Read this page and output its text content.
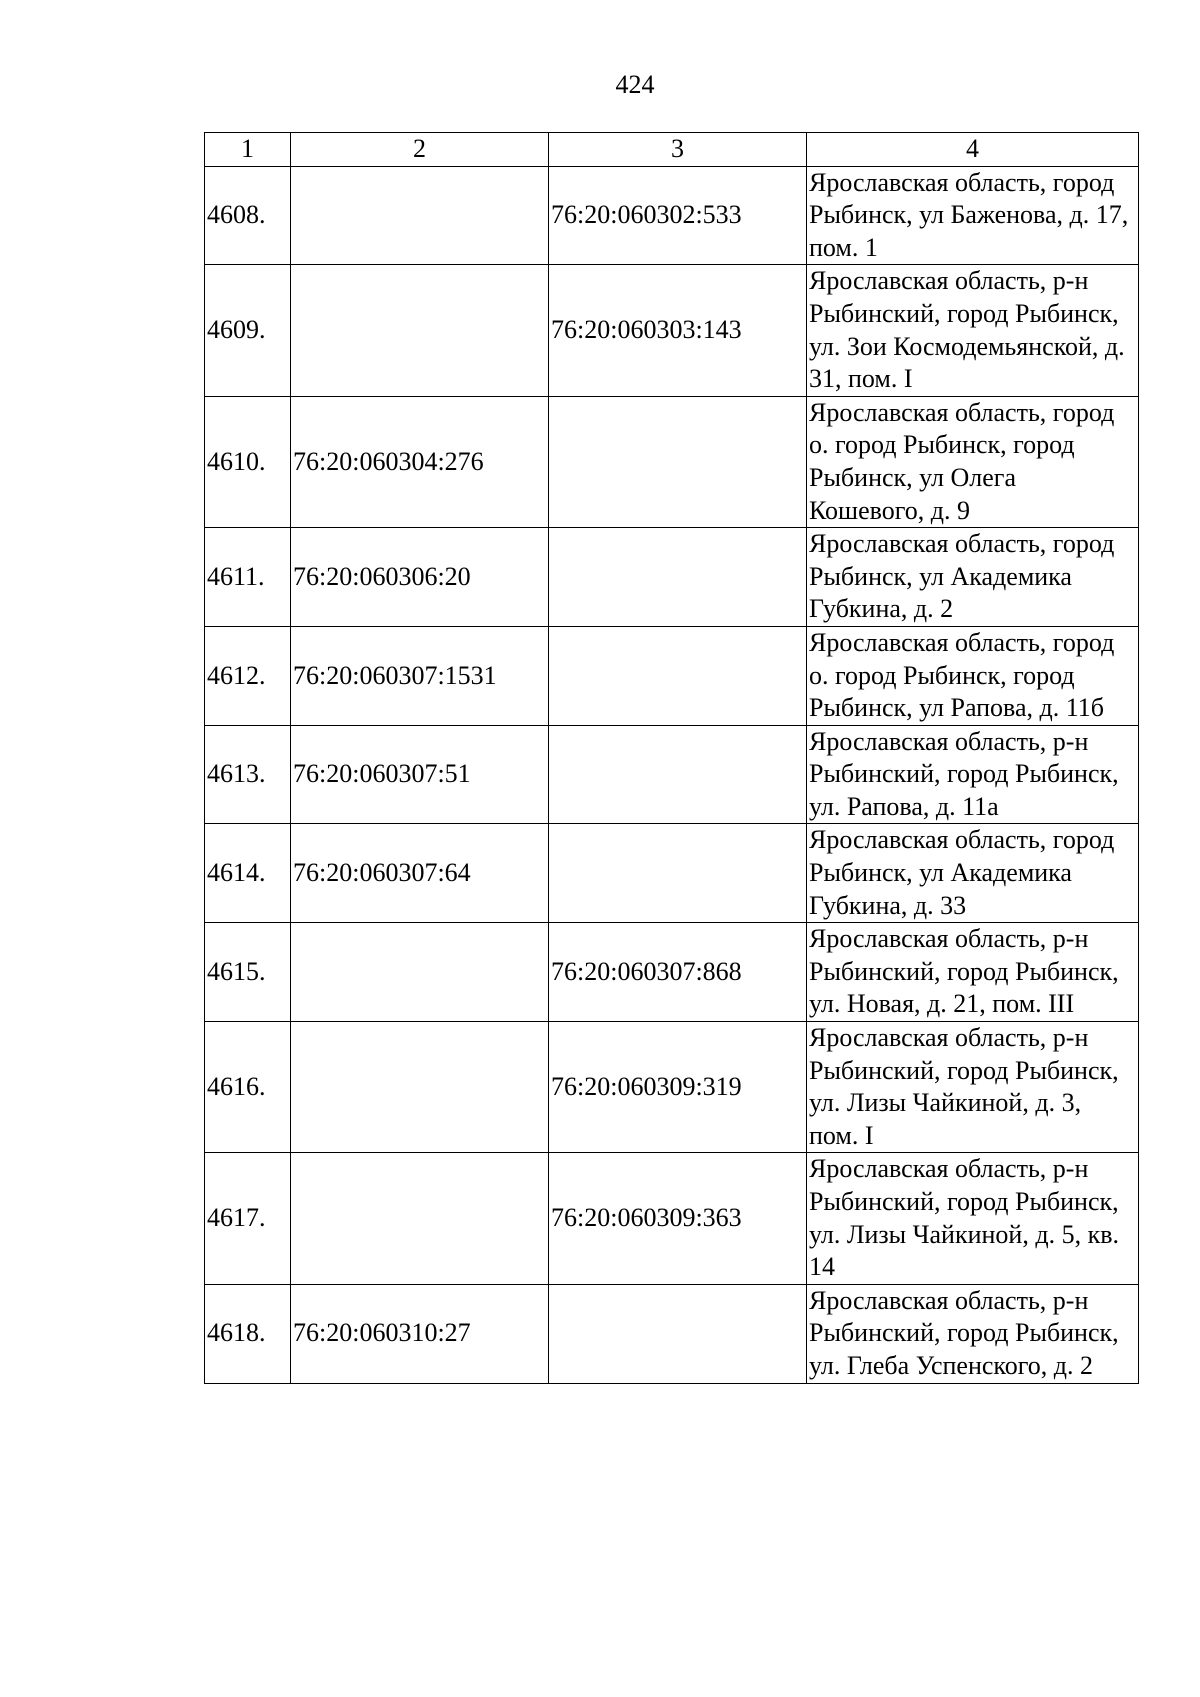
424
1	2	3	4
4608.		76:20:060302:533	Ярославская область, город Рыбинск, ул Баженова, д. 17, пом. 1
4609.		76:20:060303:143	Ярославская область, р-н Рыбинский, город Рыбинск, ул. Зои Космодемьянской, д. 31, пом. I
4610.	76:20:060304:276		Ярославская область, город о. город Рыбинск, город Рыбинск, ул Олега Кошевого, д. 9
4611.	76:20:060306:20		Ярославская область, город Рыбинск, ул Академика Губкина, д. 2
4612.	76:20:060307:1531		Ярославская область, город о. город Рыбинск, город Рыбинск, ул Рапова, д. 11б
4613.	76:20:060307:51		Ярославская область, р-н Рыбинский, город Рыбинск, ул. Рапова, д. 11а
4614.	76:20:060307:64		Ярославская область, город Рыбинск, ул Академика Губкина, д. 33
4615.		76:20:060307:868	Ярославская область, р-н Рыбинский, город Рыбинск, ул. Новая, д. 21, пом. III
4616.		76:20:060309:319	Ярославская область, р-н Рыбинский, город Рыбинск, ул. Лизы Чайкиной, д. 3, пом. I
4617.		76:20:060309:363	Ярославская область, р-н Рыбинский, город Рыбинск, ул. Лизы Чайкиной, д. 5, кв. 14
4618.	76:20:060310:27		Ярославская область, р-н Рыбинский, город Рыбинск, ул. Глеба Успенского, д. 2
